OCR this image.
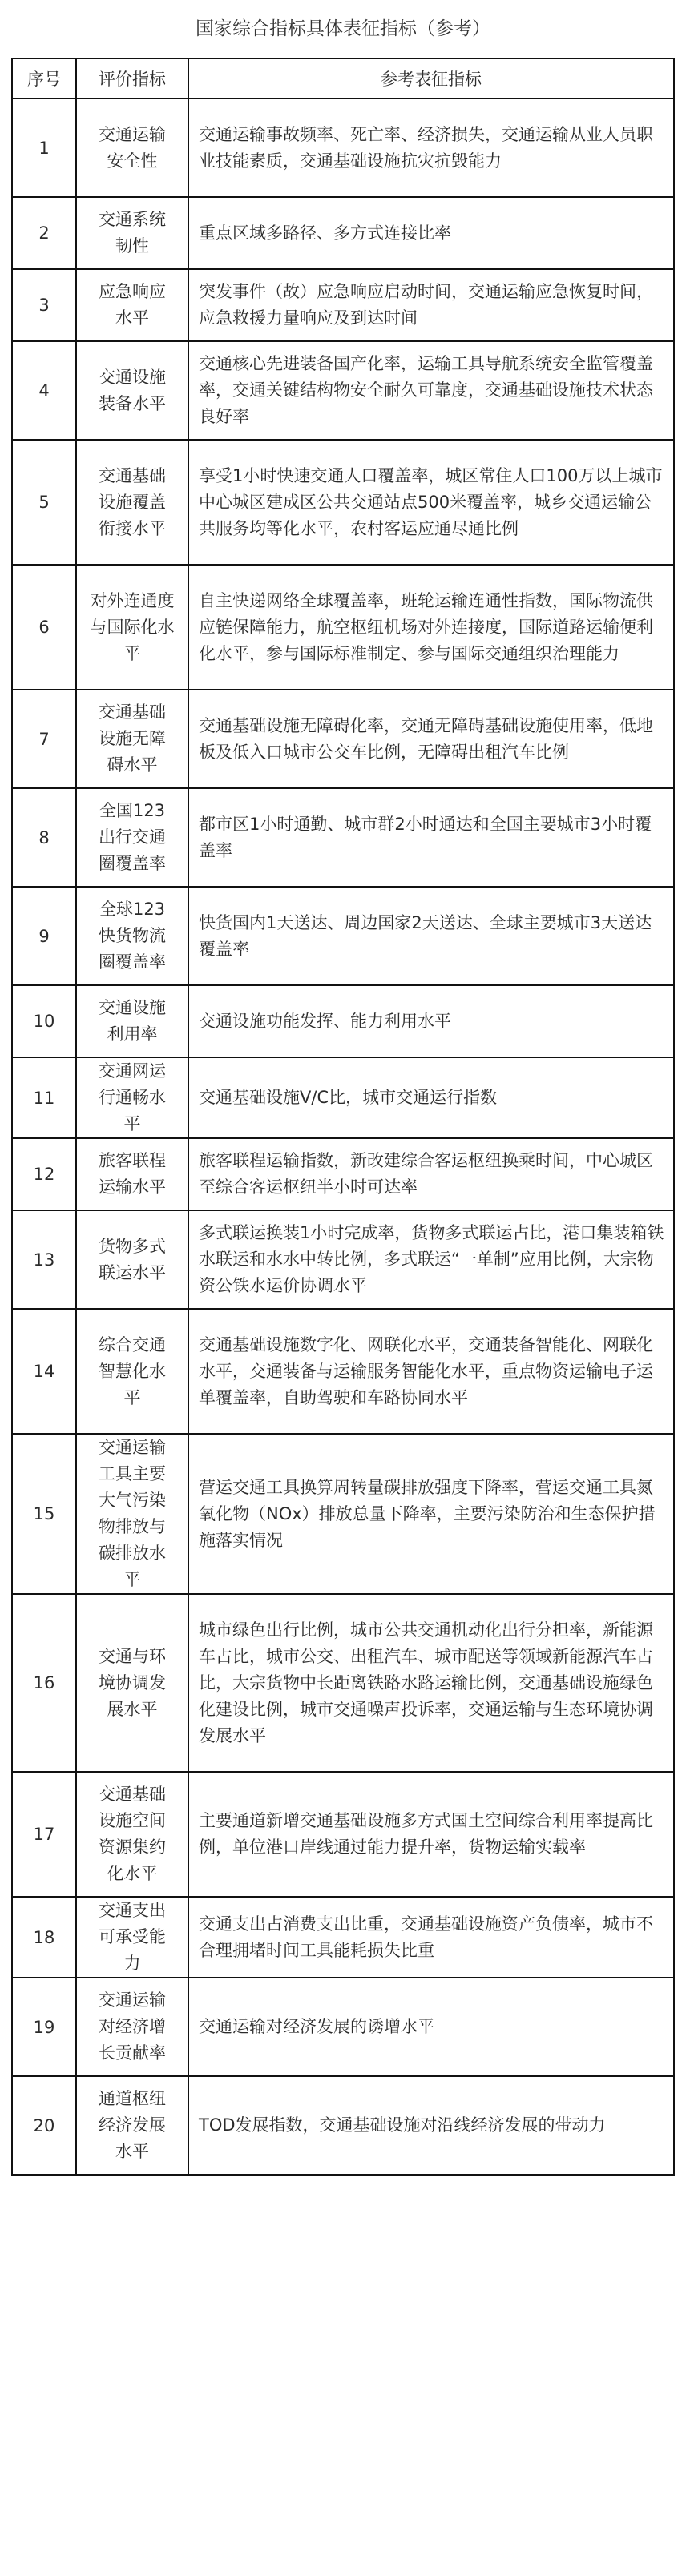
国家综合指标具体表征指标（参考）
序号	评价指标	参考表征指标
1	交通运输安全性	交通运输事故频率、死亡率、经济损失，交通运输从业人员职业技能素质，交通基础设施抗灾抗毁能力
2	交通系统韧性	重点区域多路径、多方式连接比率
3	应急响应水平	突发事件（故）应急响应启动时间，交通运输应急恢复时间，应急救援力量响应及到达时间
4	交通设施装备水平	交通核心先进装备国产化率，运输工具导航系统安全监管覆盖率，交通关键结构物安全耐久可靠度，交通基础设施技术状态良好率
5	交通基础设施覆盖衔接水平	享受1小时快速交通人口覆盖率，城区常住人口100万以上城市中心城区建成区公共交通站点500米覆盖率，城乡交通运输公共服务均等化水平，农村客运应通尽通比例
6	对外连通度与国际化水平	自主快递网络全球覆盖率，班轮运输连通性指数，国际物流供应链保障能力，航空枢纽机场对外连接度，国际道路运输便利化水平，参与国际标准制定、参与国际交通组织治理能力
7	交通基础设施无障碍水平	交通基础设施无障碍化率，交通无障碍基础设施使用率，低地板及低入口城市公交车比例，无障碍出租汽车比例
8	全国123出行交通圈覆盖率	都市区1小时通勤、城市群2小时通达和全国主要城市3小时覆盖率
9	全球123快货物流圈覆盖率	快货国内1天送达、周边国家2天送达、全球主要城市3天送达覆盖率
10	交通设施利用率	交通设施功能发挥、能力利用水平
11	交通网运行通畅水平	交通基础设施V/C比，城市交通运行指数
12	旅客联程运输水平	旅客联程运输指数，新改建综合客运枢纽换乘时间，中心城区至综合客运枢纽半小时可达率
13	货物多式联运水平	多式联运换装1小时完成率，货物多式联运占比，港口集装箱铁水联运和水水中转比例，多式联运“一单制”应用比例，大宗物资公铁水运价协调水平
14	综合交通智慧化水平	交通基础设施数字化、网联化水平，交通装备智能化、网联化水平，交通装备与运输服务智能化水平，重点物资运输电子运单覆盖率，自助驾驶和车路协同水平
15	交通运输工具主要大气污染物排放与碳排放水平	营运交通工具换算周转量碳排放强度下降率，营运交通工具氮氧化物（NOx）排放总量下降率，主要污染防治和生态保护措施落实情况
16	交通与环境协调发展水平	城市绿色出行比例，城市公共交通机动化出行分担率，新能源车占比，城市公交、出租汽车、城市配送等领域新能源汽车占比，大宗货物中长距离铁路水路运输比例，交通基础设施绿色化建设比例，城市交通噪声投诉率，交通运输与生态环境协调发展水平
17	交通基础设施空间资源集约化水平	主要通道新增交通基础设施多方式国土空间综合利用率提高比例，单位港口岸线通过能力提升率，货物运输实载率
18	交通支出可承受能力	交通支出占消费支出比重，交通基础设施资产负债率，城市不合理拥堵时间工具能耗损失比重
19	交通运输对经济增长贡献率	交通运输对经济发展的诱增水平
20	通道枢纽经济发展水平	TOD发展指数，交通基础设施对沿线经济发展的带动力
